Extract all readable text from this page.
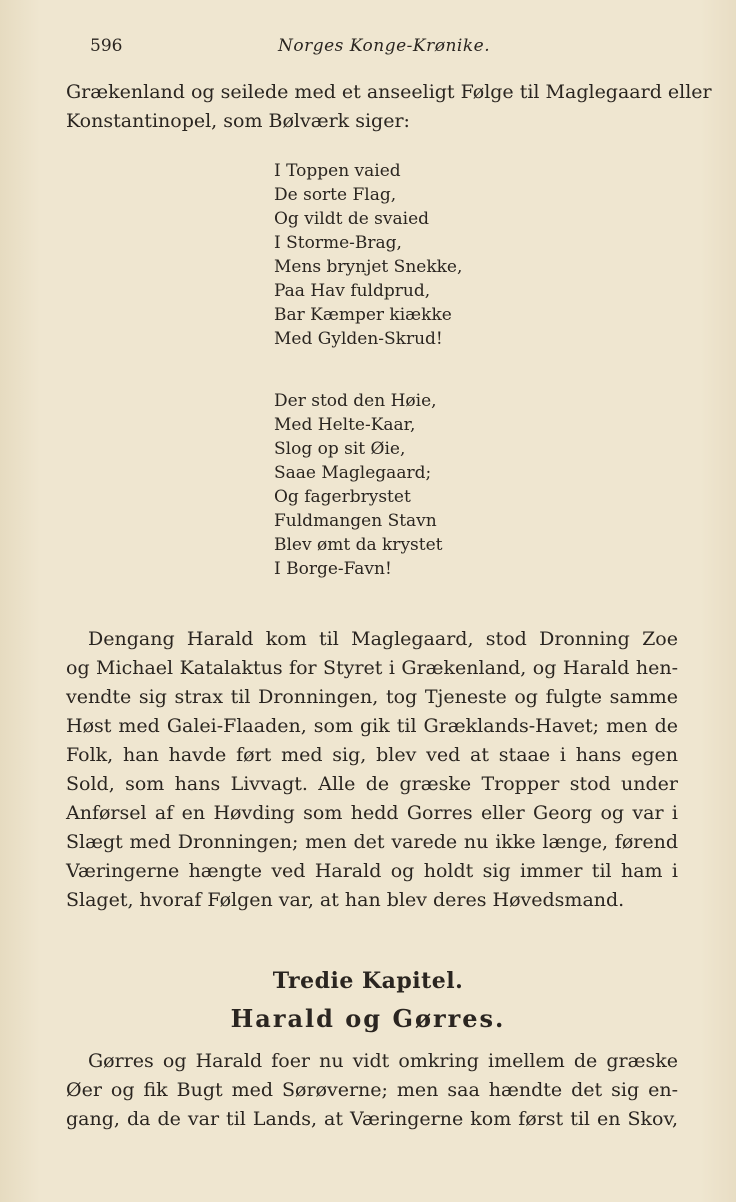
596	Norges Konge-Krønike.
Grækenland og seilede med et anseeligt Følge til Maglegaard eller
Konstantinopel, som Bølværk siger:
I Toppen vaied
De sorte Flag,
Og vildt de svaied
I Storme-Brag,
Mens brynjet Snekke,
Paa Hav fuldprud,
Bar Kæmper kiække
Med Gylden-Skrud!
Der stod den Høie,
Med Helte-Kaar,
Slog op sit Øie,
Saae Maglegaard;
Og fagerbrystet
Fuldmangen Stavn
Blev ømt da krystet
I Borge-Favn!
Dengang Harald kom til Maglegaard, stod Dronning Zoe
og Michael Katalaktus for Styret i Grækenland, og Harald hen-
vendte sig strax til Dronningen, tog Tjeneste og fulgte samme
Høst med Galei-Flaaden, som gik til Græklands-Havet; men de
Folk, han havde ført med sig, blev ved at staae i hans egen
Sold, som hans Livvagt. Alle de græske Tropper stod under
Anførsel af en Høvding som hedd Gorres eller Georg og var i
Slægt med Dronningen; men det varede nu ikke længe, førend
Væringerne hængte ved Harald og holdt sig immer til ham i
Slaget, hvoraf Følgen var, at han blev deres Høvedsmand.
Tredie Kapitel.
Harald og Gørres.
Gørres og Harald foer nu vidt omkring imellem de græske
Øer og fik Bugt med Sørøverne; men saa hændte det sig en-
gang, da de var til Lands, at Væringerne kom først til en Skov,
